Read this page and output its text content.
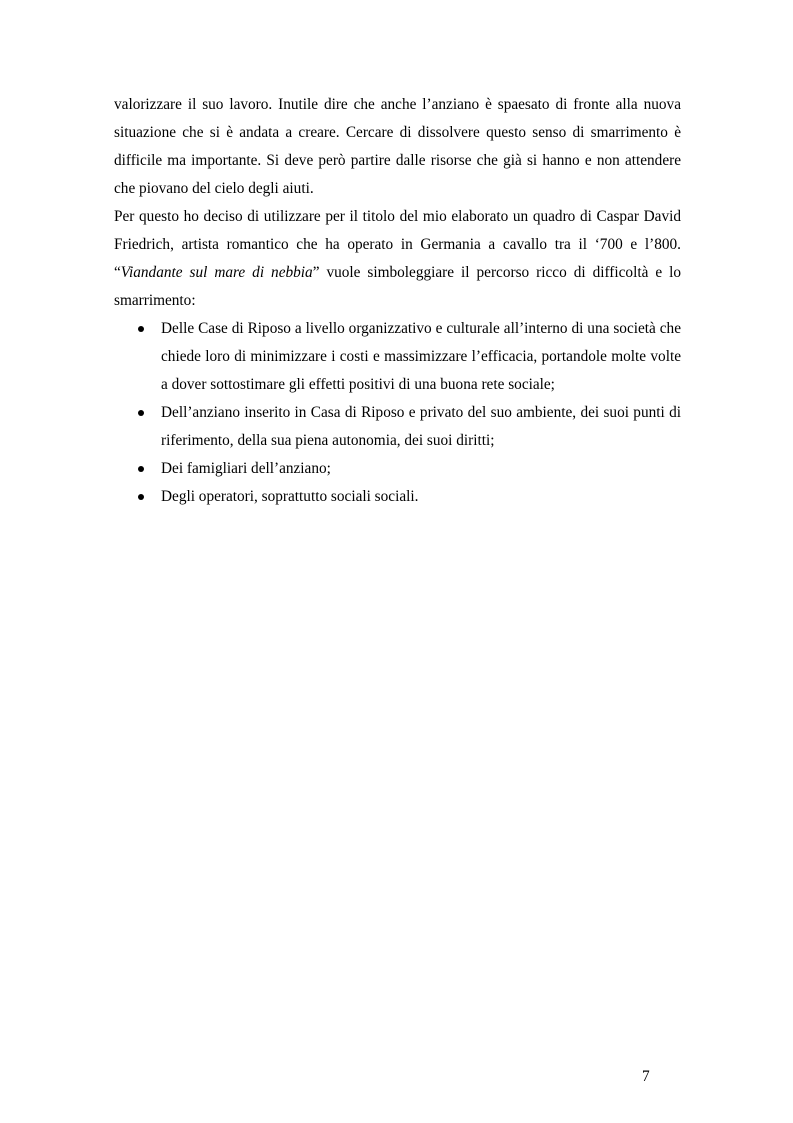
valorizzare il suo lavoro. Inutile dire che anche l’anziano è spaesato di fronte alla nuova situazione che si è andata a creare. Cercare di dissolvere questo senso di smarrimento è difficile ma importante. Si deve però partire dalle risorse che già si hanno e non attendere che piovano del cielo degli aiuti.

Per questo ho deciso di utilizzare per il titolo del mio elaborato un quadro di Caspar David Friedrich, artista romantico che ha operato in Germania a cavallo tra il ‘700 e l’800. “Viandante sul mare di nebbia” vuole simboleggiare il percorso ricco di difficoltà e lo smarrimento:

Delle Case di Riposo a livello organizzativo e culturale all’interno di una società che chiede loro di minimizzare i costi e massimizzare l’efficacia, portandole molte volte a dover sottostimare gli effetti positivi di una buona rete sociale;
Dell’anziano inserito in Casa di Riposo e privato del suo ambiente, dei suoi punti di riferimento, della sua piena autonomia, dei suoi diritti;
Dei famigliari dell’anziano;
Degli operatori, soprattutto sociali sociali.
7
